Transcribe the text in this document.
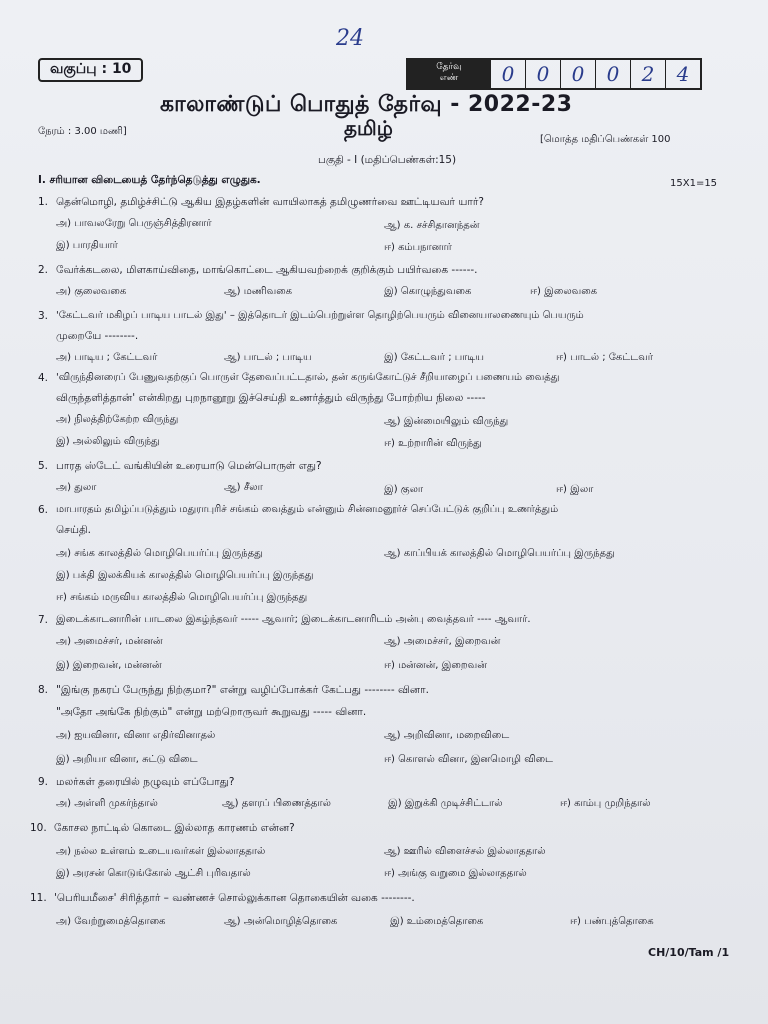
24
வகுப்பு : 10	தேர்வு
எண்	0	0	0	0	2	4
காலாண்டுப் பொதுத் தேர்வு - 2022-23
நேரம் : 3.00 மணி]	தமிழ்	[மொத்த மதிப்பெண்கள் 100
பகுதி - I (மதிப்பெண்கள்:15)
I. சரியான விடையைத் தேர்ந்தெடுத்து எழுதுக.	15X1=15
1. தென்மொழி, தமிழ்ச்சிட்டு ஆகிய இதழ்களின் வாயிலாகத் தமிழுணர்வை ஊட்டியவர் யார்?
அ) பாவலரேறு பெருஞ்சித்திரனார்	ஆ) க. சச்சிதானந்தன்
இ) பாரதியார்	ஈ) கம்பநானார்
2. வேர்க்கடலை, மிளகாய்விதை, மாங்கொட்டை ஆகியவற்றைக் குறிக்கும் பயிர்வகை ------.
அ) குலைவகை	ஆ) மணிவகை	இ) கொழுந்துவகை	ஈ) இலைவகை
3. 'கேட்டவர் மகிழப் பாடிய பாடல் இது' – இத்தொடர் இடம்பெற்றுள்ள தொழிற்பெயரும் வினையாலணையும் பெயரும்
முறையே --------.
அ) பாடிய ; கேட்டவர்	ஆ) பாடல் ; பாடிய	இ) கேட்டவர் ; பாடிய	ஈ) பாடல் ; கேட்டவர்
4. 'விருந்தினரைப் பேணுவதற்குப் பொருள் தேவைப்பட்டதால், தன் கருங்கோட்டுச் சீறியாழைப் பணையம் வைத்து
விருந்தளித்தான்' என்கிறது புறநானூறு இச்செய்தி உணர்த்தும் விருந்து போற்றிய நிலை -----
அ) நிலத்திற்கேற்ற விருந்து	ஆ) இன்மையிலும் விருந்து
இ) அல்லிலும் விருந்து	ஈ) உற்றாரின் விருந்து
5. பாரத ஸ்டேட் வங்கியின் உரையாடு மென்பொருள் எது?
அ) துலா	ஆ) சீலா	இ) குலா	ஈ) இலா
6. மாபாரதம் தமிழ்ப்படுத்தும் மதுராபுரிச் சங்கம் வைத்தும் என்னும் சின்னமனூர்ச் செப்பேட்டுக் குறிப்பு உணர்த்தும்
செய்தி.
அ) சங்க காலத்தில் மொழிபெயர்ப்பு இருந்தது	ஆ) காப்பியக் காலத்தில் மொழிபெயர்ப்பு இருந்தது
இ) பக்தி இலக்கியக் காலத்தில் மொழிபெயர்ப்பு இருந்தது
ஈ) சங்கம் மருவிய காலத்தில் மொழிபெயர்ப்பு இருந்தது
7. இடைக்காடனாரின் பாடலை இகழ்ந்தவர் ----- ஆவார்; இடைக்காடனாரிடம் அன்பு வைத்தவர் ---- ஆவார்.
அ) அமைச்சர், மன்னன்	ஆ) அமைச்சர், இறைவன்
இ) இறைவன், மன்னன்	ஈ) மன்னன், இறைவன்
8. "இங்கு நகரப் பேருந்து நிற்குமா?" என்று வழிப்போக்கர் கேட்பது -------- வினா.
"அதோ அங்கே நிற்கும்" என்று மற்றொருவர் கூறுவது ----- வினா.
அ) ஐயவினா, வினா எதிர்வினாதல்	ஆ) அறிவினா, மறைவிடை
இ) அறியா வினா, சுட்டு விடை	ஈ) கொளல் வினா, இனமொழி விடை
9. மலர்கள் தரையில் நழுவும் எப்போது?
அ) அள்ளி முகர்ந்தால்	ஆ) தளரப் பிணைத்தால்	இ) இறுக்கி முடிச்சிட்டால்	ஈ) காம்பு முறிந்தால்
10. கோசல நாட்டில் கொடை இல்லாத காரணம் என்ன?
அ) நல்ல உள்ளம் உடையவர்கள் இல்லாததால்	ஆ) ஊரில் விளைச்சல் இல்லாததால்
இ) அரசன் கொடுங்கோல் ஆட்சி புரிவதால்	ஈ) அங்கு வறுமை இல்லாததால்
11. 'பெரியமீசை' சிரித்தார் – வண்ணச் சொல்லுக்கான தொகையின் வகை --------.
அ) வேற்றுமைத்தொகை	ஆ) அன்மொழித்தொகை	இ) உம்மைத்தொகை	ஈ) பண்புத்தொகை
CH/10/Tam /1
